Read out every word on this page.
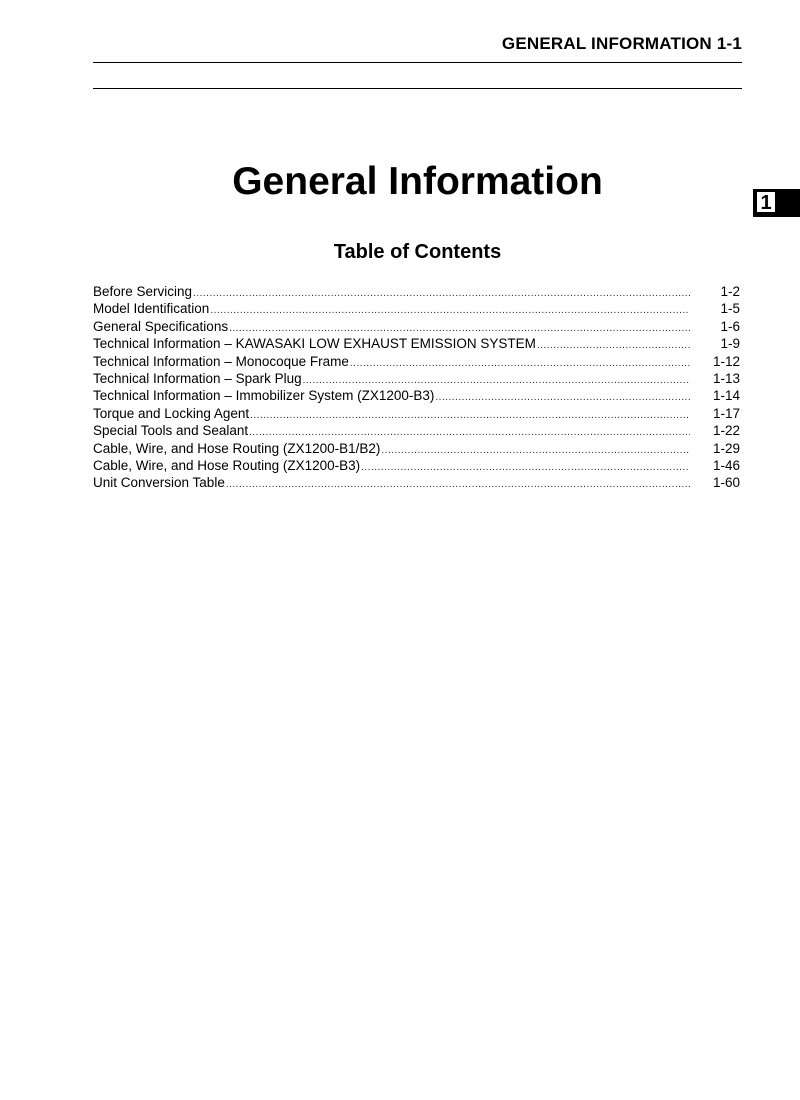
GENERAL INFORMATION 1-1
General Information	1
Table of Contents
Before Servicing .....	1-2
Model Identification .....	1-5
General Specifications .....	1-6
Technical Information – KAWASAKI LOW EXHAUST EMISSION SYSTEM .....	1-9
Technical Information – Monocoque Frame .....	1-12
Technical Information – Spark Plug .....	1-13
Technical Information – Immobilizer System (ZX1200-B3) .....	1-14
Torque and Locking Agent .....	1-17
Special Tools and Sealant .....	1-22
Cable, Wire, and Hose Routing (ZX1200-B1/B2) .....	1-29
Cable, Wire, and Hose Routing (ZX1200-B3) .....	1-46
Unit Conversion Table .....	1-60
